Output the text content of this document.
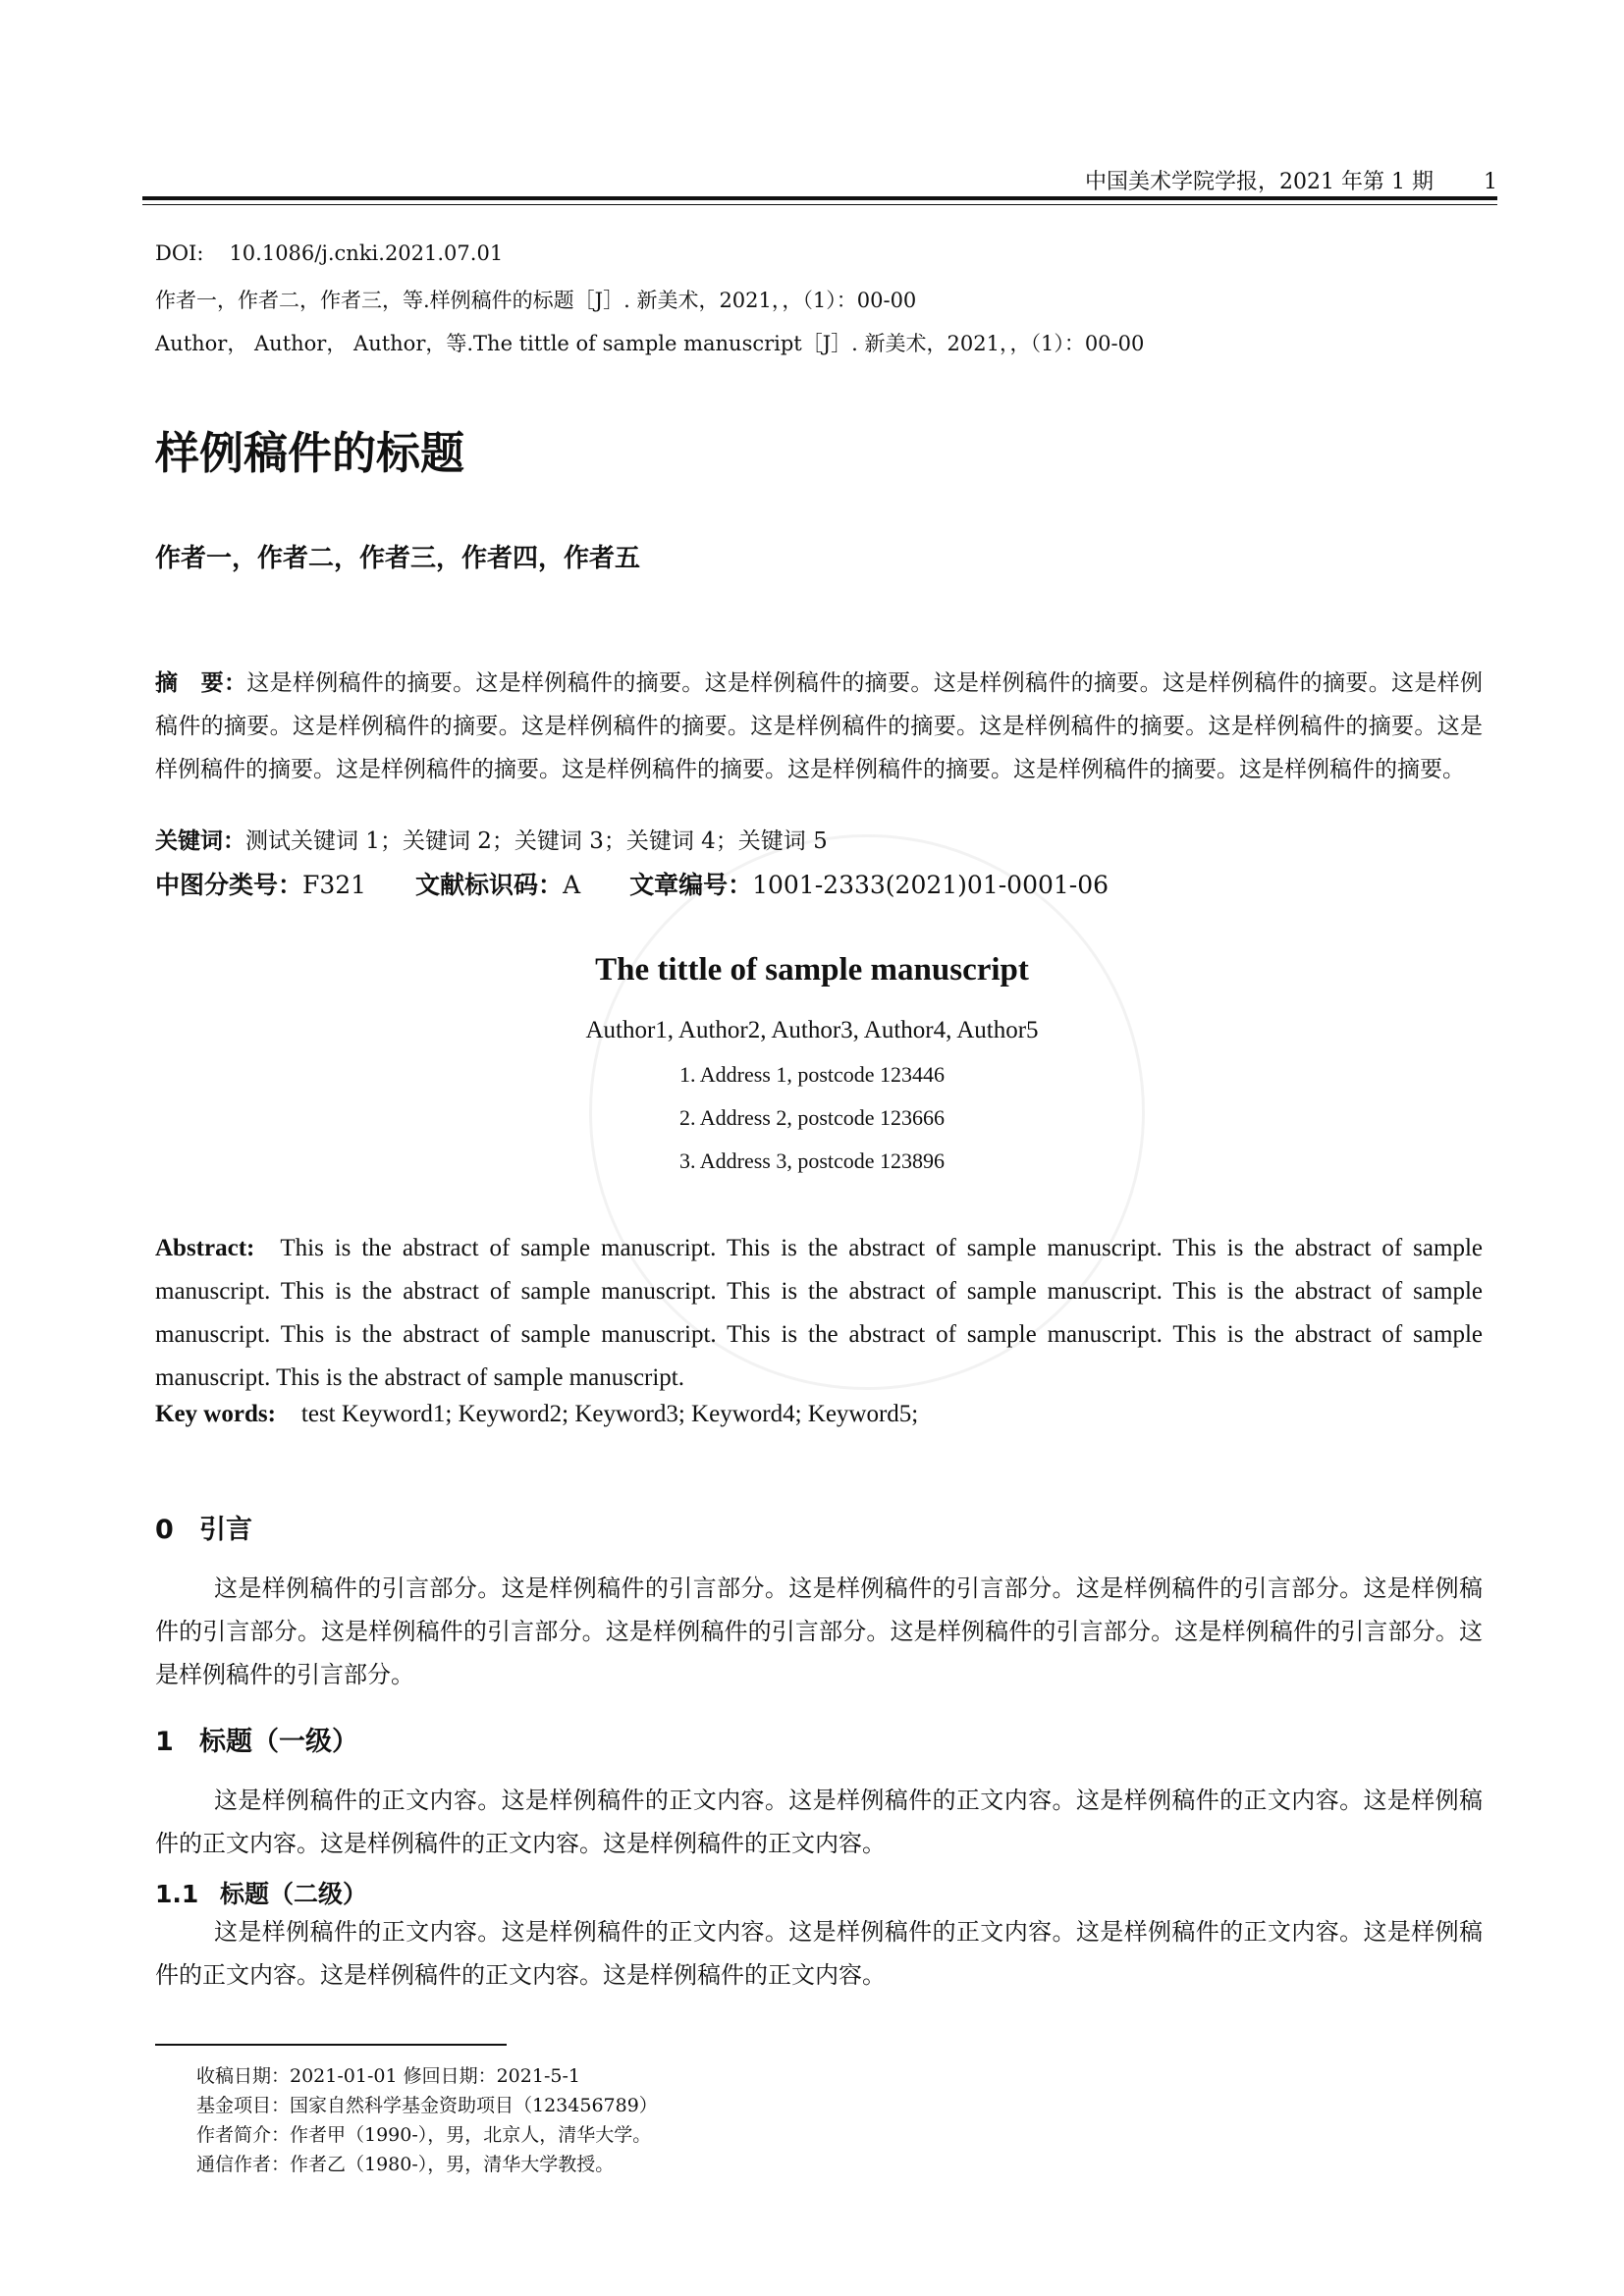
中国美术学院学报，2021 年第 1 期 1
DOI: 10.1086/j.cnki.2021.07.01
作者一，作者二，作者三，等.样例稿件的标题［J］. 新美术，2021，，（1）：00-00
Author， Author， Author，等.The tittle of sample manuscript［J］. 新美术，2021，，（1）：00-00
样例稿件的标题
作者一，作者二，作者三，作者四，作者五
摘　要：这是样例稿件的摘要。这是样例稿件的摘要。这是样例稿件的摘要。这是样例稿件的摘要。这是样例稿件的摘要。这是样例稿件的摘要。这是样例稿件的摘要。这是样例稿件的摘要。这是样例稿件的摘要。这是样例稿件的摘要。这是样例稿件的摘要。这是样例稿件的摘要。这是样例稿件的摘要。这是样例稿件的摘要。这是样例稿件的摘要。这是样例稿件的摘要。这是样例稿件的摘要。
关键词：测试关键词 1；关键词 2；关键词 3；关键词 4；关键词 5
中图分类号：F321 文献标识码：A 文章编号：1001-2333(2021)01-0001-06
The tittle of sample manuscript
Author1, Author2, Author3, Author4, Author5
1. Address 1, postcode 123446
2. Address 2, postcode 123666
3. Address 3, postcode 123896
Abstract: This is the abstract of sample manuscript. This is the abstract of sample manuscript. This is the abstract of sample manuscript. This is the abstract of sample manuscript. This is the abstract of sample manuscript. This is the abstract of sample manuscript. This is the abstract of sample manuscript. This is the abstract of sample manuscript. This is the abstract of sample manuscript. This is the abstract of sample manuscript.
Key words: test Keyword1; Keyword2; Keyword3; Keyword4; Keyword5;
0 引言
这是样例稿件的引言部分。这是样例稿件的引言部分。这是样例稿件的引言部分。这是样例稿件的引言部分。这是样例稿件的引言部分。这是样例稿件的引言部分。这是样例稿件的引言部分。这是样例稿件的引言部分。这是样例稿件的引言部分。这是样例稿件的引言部分。
1 标题（一级）
这是样例稿件的正文内容。这是样例稿件的正文内容。这是样例稿件的正文内容。这是样例稿件的正文内容。这是样例稿件的正文内容。这是样例稿件的正文内容。这是样例稿件的正文内容。
1.1 标题（二级）
这是样例稿件的正文内容。这是样例稿件的正文内容。这是样例稿件的正文内容。这是样例稿件的正文内容。这是样例稿件的正文内容。这是样例稿件的正文内容。这是样例稿件的正文内容。
收稿日期：2021-01-01 修回日期：2021-5-1
基金项目：国家自然科学基金资助项目（123456789）
作者简介：作者甲（1990-），男，北京人，清华大学。
通信作者：作者乙（1980-），男，清华大学教授。
